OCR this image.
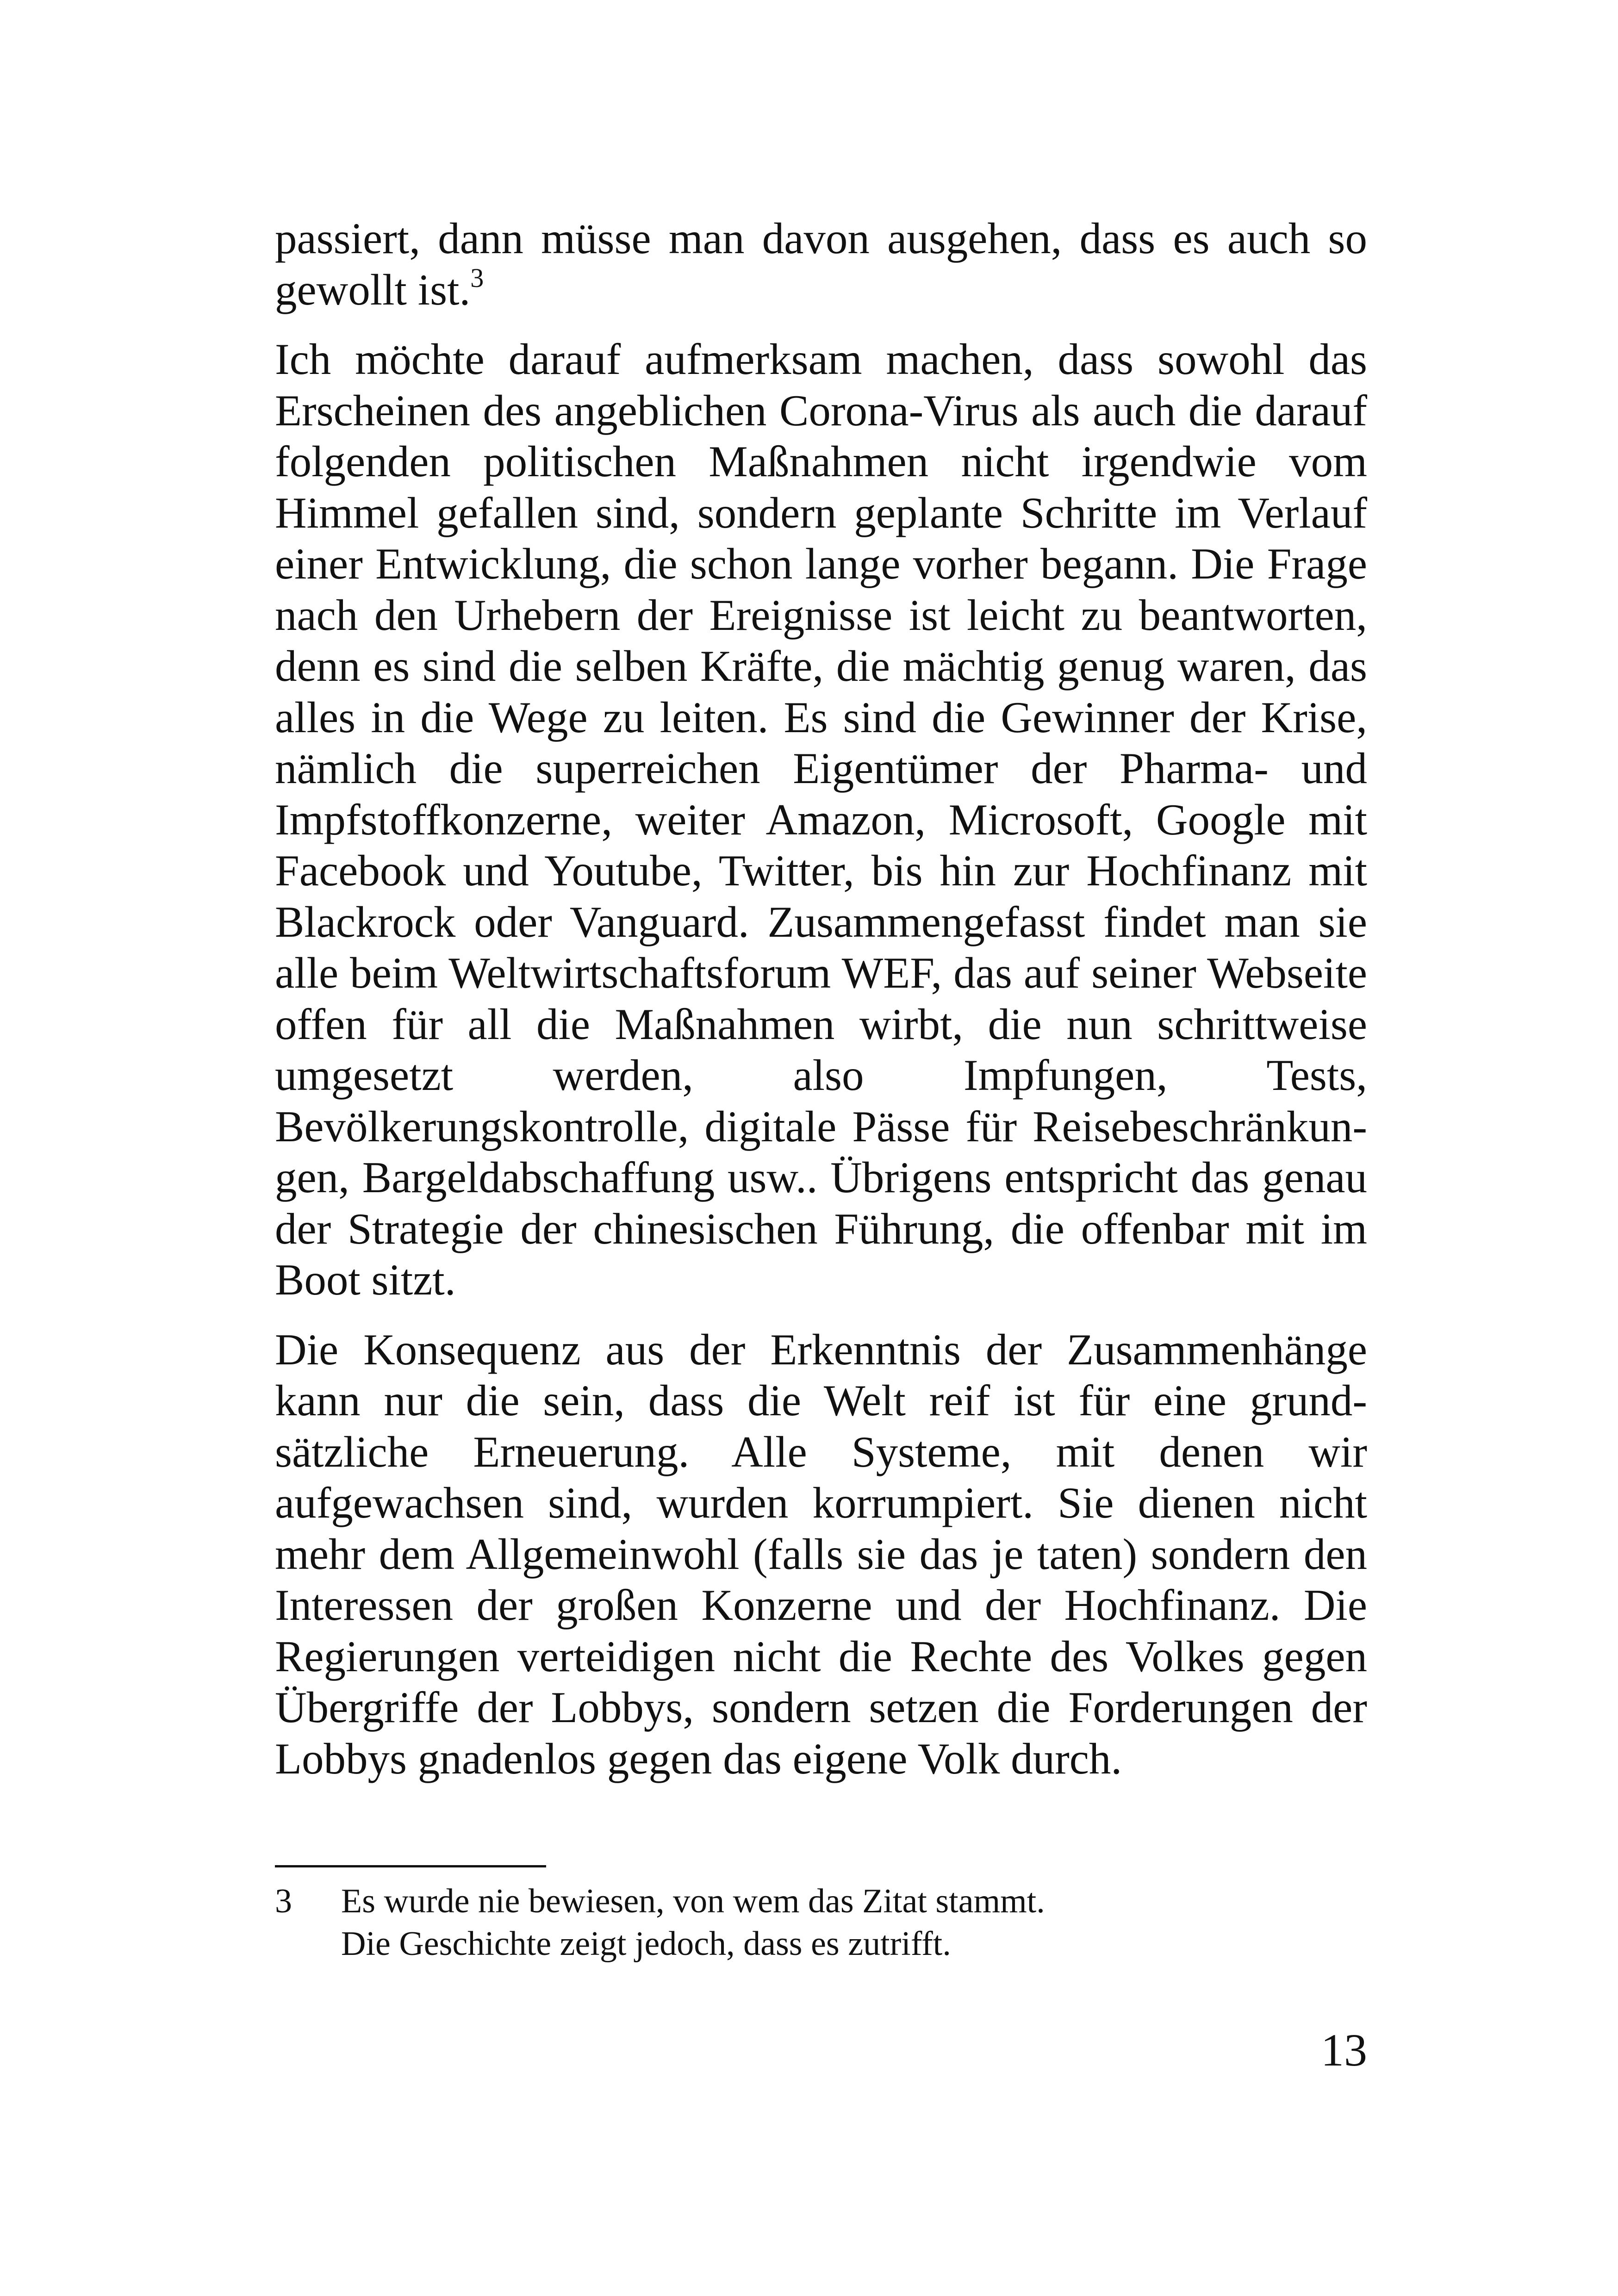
passiert, dann müsse man davon ausgehen, dass es auch so gewollt ist.$^3$

Ich möchte darauf aufmerksam machen, dass sowohl das Erscheinen des angeblichen Corona-Virus als auch die darauf folgenden politischen Maßnahmen nicht irgendwie vom Himmel gefallen sind, sondern geplante Schritte im Verlauf einer Entwicklung, die schon lange vorher begann. Die Frage nach den Urhebern der Ereignisse ist leicht zu beantworten, denn es sind die selben Kräfte, die mächtig genug waren, das alles in die Wege zu leiten. Es sind die Gewinner der Krise, nämlich die superreichen Eigentümer der Pharma- und Impfstoffkonzerne, weiter Amazon, Microsoft, Google mit Facebook und Youtube, Twitter, bis hin zur Hochfinanz mit Blackrock oder Vanguard. Zusammengefasst findet man sie alle beim Weltwirtschaftsforum WEF, das auf seiner Webseite offen für all die Maßnahmen wirbt, die nun schrittweise umgesetzt werden, also Impfungen, Tests, Bevölkerungskontrolle, digitale Pässe für Reisebeschränkungen, Bargeldabschaffung usw.. Übrigens entspricht das genau der Strategie der chinesischen Führung, die offenbar mit im Boot sitzt.

Die Konsequenz aus der Erkenntnis der Zusammenhänge kann nur die sein, dass die Welt reif ist für eine grundsätzliche Erneuerung. Alle Systeme, mit denen wir aufgewachsen sind, wurden korrumpiert. Sie dienen nicht mehr dem Allgemeinwohl (falls sie das je taten) sondern den Interessen der großen Konzerne und der Hochfinanz. Die Regierungen verteidigen nicht die Rechte des Volkes gegen Übergriffe der Lobbys, sondern setzen die Forderungen der Lobbys gnadenlos gegen das eigene Volk durch.

3 Es wurde nie bewiesen, von wem das Zitat stammt.
Die Geschichte zeigt jedoch, dass es zutrifft.
13
